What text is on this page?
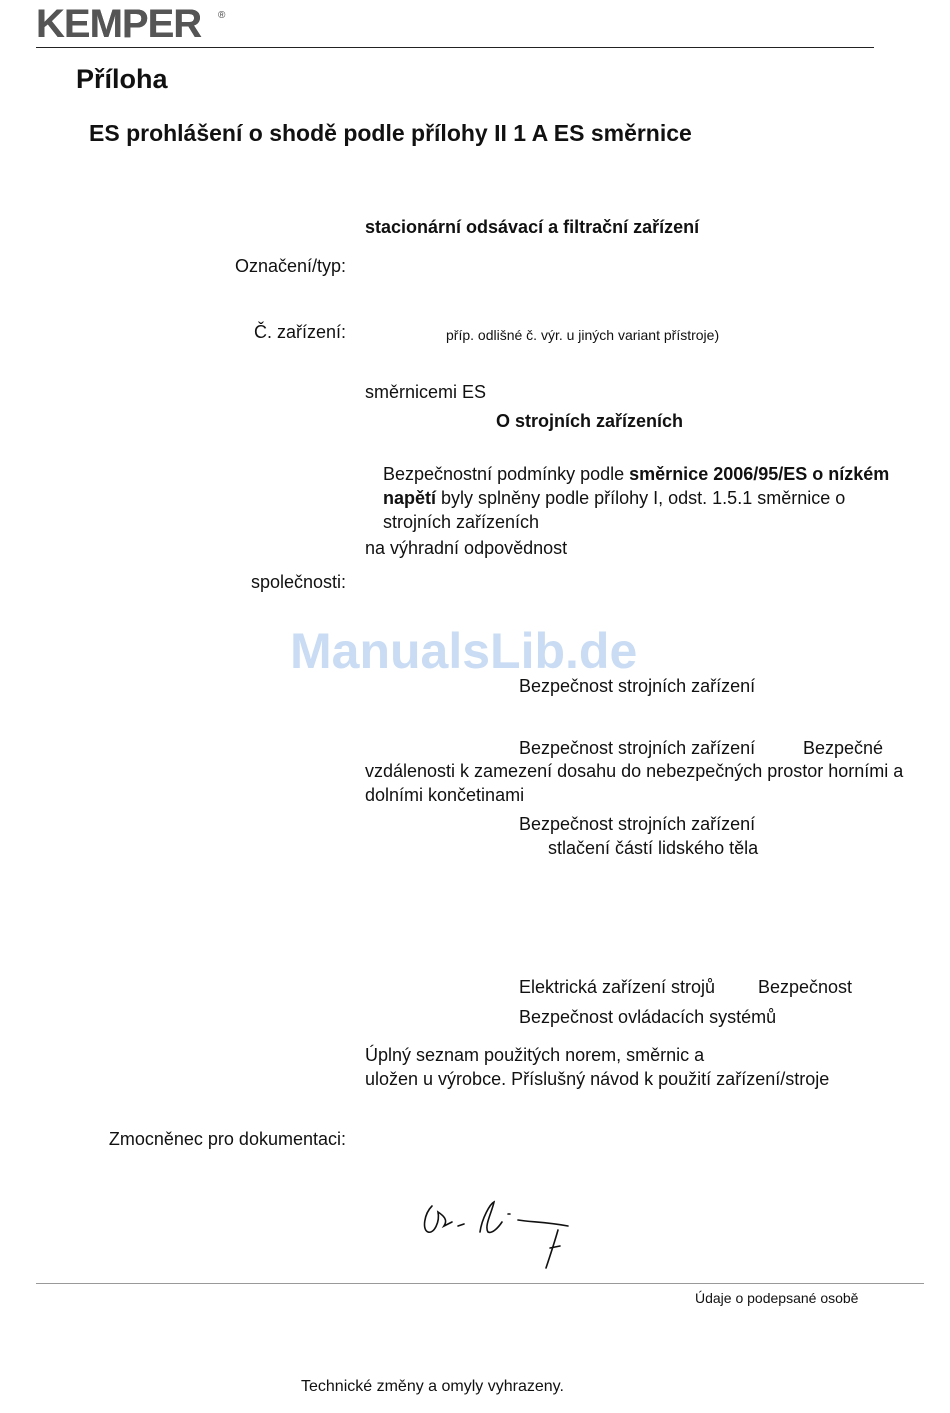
KEMPER ®
Příloha
ES prohlášení o shodě podle přílohy II 1 A ES směrnice
stacionární odsávací a filtrační zařízení
Označení/typ:
Č. zařízení:	příp. odlišné č. výr. u jiných variant přístroje)
směrnicemi ES
O strojních zařízeních
Bezpečnostní podmínky podle směrnice 2006/95/ES o nízkém napětí byly splněny podle přílohy I, odst. 1.5.1 směrnice o strojních zařízeních
na výhradní odpovědnost
společnosti:
ManualsLib.de
Bezpečnost strojních zařízení
Bezpečnost strojních zařízení	Bezpečné
vzdálenosti k zamezení dosahu do nebezpečných prostor horními a dolními končetinami
Bezpečnost strojních zařízení
stlačení částí lidského těla
Elektrická zařízení strojů Bezpečnost
Bezpečnost ovládacích systémů
Úplný seznam použitých norem, směrnic a
uložen u výrobce. Příslušný návod k použití zařízení/stroje
Zmocněnec pro dokumentaci:
Údaje o podepsané osobě
Technické změny a omyly vyhrazeny.
